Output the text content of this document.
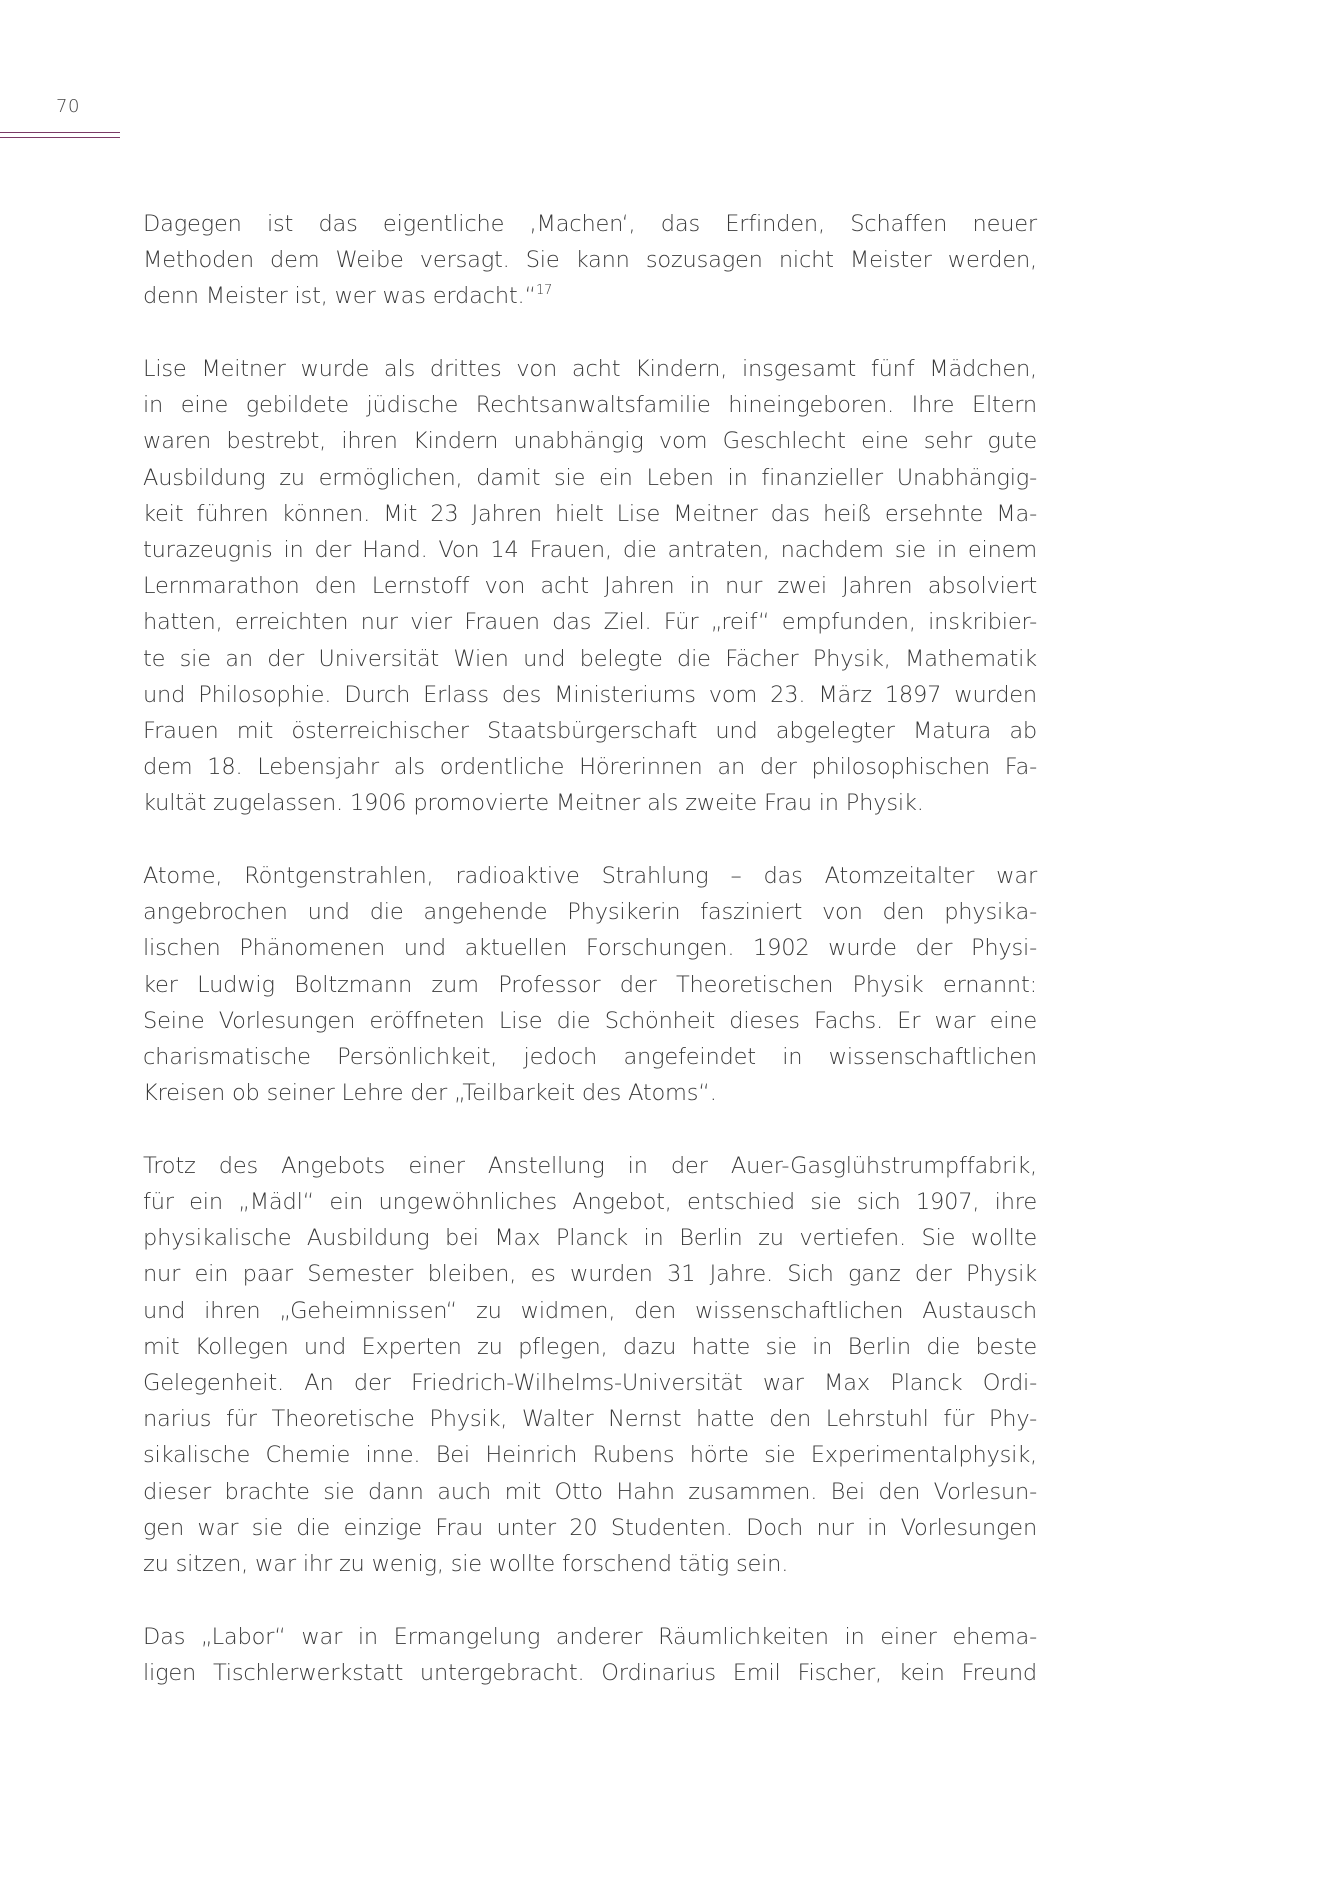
70

Dagegen ist das eigentliche ‚Machen‘, das Erfinden, Schaffen neuer
Methoden dem Weibe versagt. Sie kann sozusagen nicht Meister werden,
denn Meister ist, wer was erdacht.“$^{17}$

Lise Meitner wurde als drittes von acht Kindern, insgesamt fünf Mädchen,
in eine gebildete jüdische Rechtsanwaltsfamilie hineingeboren. Ihre Eltern
waren bestrebt, ihren Kindern unabhängig vom Geschlecht eine sehr gute
Ausbildung zu ermöglichen, damit sie ein Leben in finanzieller Unabhängig-
keit führen können. Mit 23 Jahren hielt Lise Meitner das heiß ersehnte Ma-
turazeugnis in der Hand. Von 14 Frauen, die antraten, nachdem sie in einem
Lernmarathon den Lernstoff von acht Jahren in nur zwei Jahren absolviert
hatten, erreichten nur vier Frauen das Ziel. Für „reif“ empfunden, inskribier-
te sie an der Universität Wien und belegte die Fächer Physik, Mathematik
und Philosophie. Durch Erlass des Ministeriums vom 23. März 1897 wurden
Frauen mit österreichischer Staatsbürgerschaft und abgelegter Matura ab
dem 18. Lebensjahr als ordentliche Hörerinnen an der philosophischen Fa-
kultät zugelassen. 1906 promovierte Meitner als zweite Frau in Physik.

Atome, Röntgenstrahlen, radioaktive Strahlung – das Atomzeitalter war
angebrochen und die angehende Physikerin fasziniert von den physika-
lischen Phänomenen und aktuellen Forschungen. 1902 wurde der Physi-
ker Ludwig Boltzmann zum Professor der Theoretischen Physik ernannt:
Seine Vorlesungen eröffneten Lise die Schönheit dieses Fachs. Er war eine
charismatische Persönlichkeit, jedoch angefeindet in wissenschaftlichen
Kreisen ob seiner Lehre der „Teilbarkeit des Atoms“.

Trotz des Angebots einer Anstellung in der Auer-Gasglühstrumpffabrik,
für ein „Mädl“ ein ungewöhnliches Angebot, entschied sie sich 1907, ihre
physikalische Ausbildung bei Max Planck in Berlin zu vertiefen. Sie wollte
nur ein paar Semester bleiben, es wurden 31 Jahre. Sich ganz der Physik
und ihren „Geheimnissen“ zu widmen, den wissenschaftlichen Austausch
mit Kollegen und Experten zu pflegen, dazu hatte sie in Berlin die beste
Gelegenheit. An der Friedrich-Wilhelms-Universität war Max Planck Ordi-
narius für Theoretische Physik, Walter Nernst hatte den Lehrstuhl für Phy-
sikalische Chemie inne. Bei Heinrich Rubens hörte sie Experimentalphysik,
dieser brachte sie dann auch mit Otto Hahn zusammen. Bei den Vorlesun-
gen war sie die einzige Frau unter 20 Studenten. Doch nur in Vorlesungen
zu sitzen, war ihr zu wenig, sie wollte forschend tätig sein.

Das „Labor“ war in Ermangelung anderer Räumlichkeiten in einer ehema-
ligen Tischlerwerkstatt untergebracht. Ordinarius Emil Fischer, kein Freund
